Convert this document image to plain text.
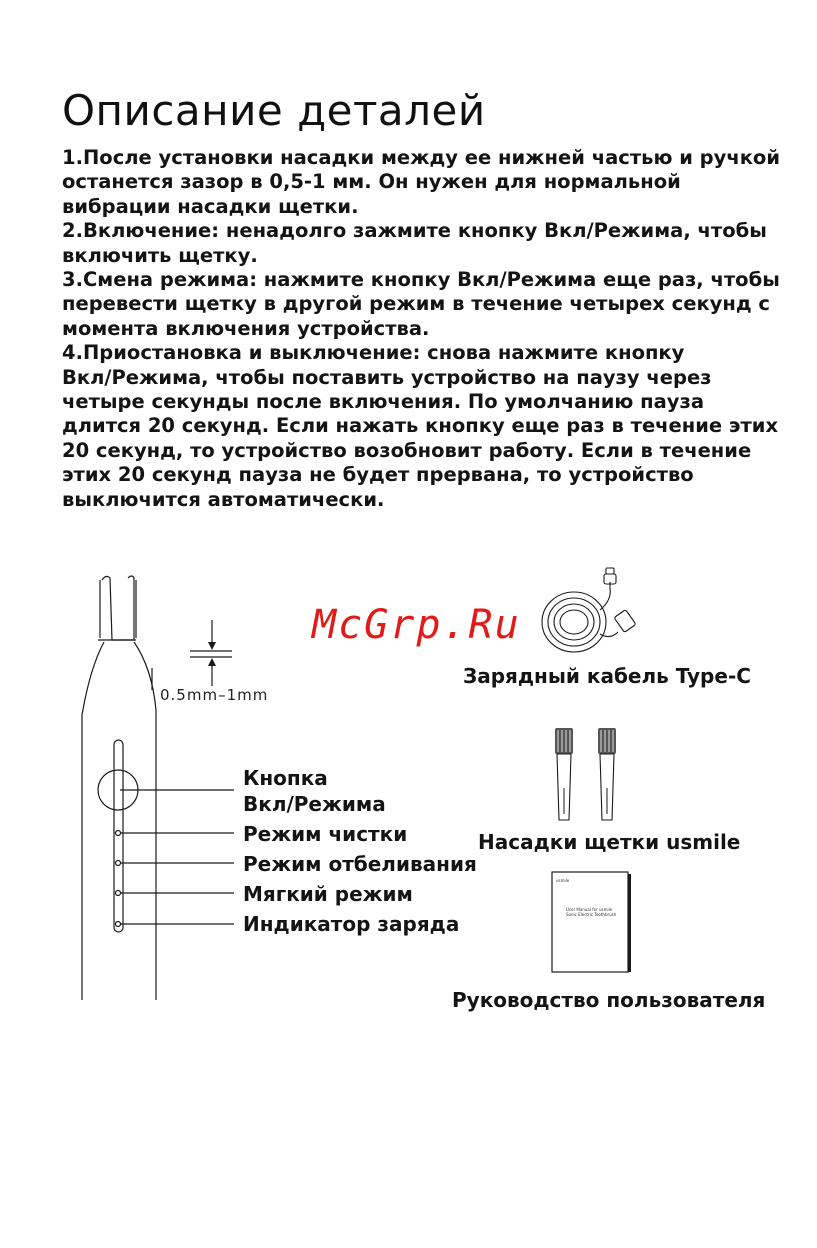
Описание деталей

1.После установки насадки между ее нижней частью и ручкой

останется зазор в 0,5-1 мм. Он нужен для нормальной

вибрации насадки щетки.

2.Включение: ненадолго зажмите кнопку Вкл/Режима, чтобы

включить щетку.

3.Смена режима: нажмите кнопку Вкл/Режима еще раз, чтобы

перевести щетку в другой режим в течение четырех секунд с

момента включения устройства.

4.Приостановка и выключение: снова нажмите кнопку

Вкл/Режима, чтобы поставить устройство на паузу через

четыре секунды после включения. По умолчанию пауза

длится 20 секунд. Если нажать кнопку еще раз в течение этих

20 секунд, то устройство возобновит работу. Если в течение

этих 20 секунд пауза не будет прервана, то устройство

выключится автоматически.

usmile
User Manual for usmile
Sonic Electric Toothbrush
McGrp.Ru
0.5mm–1mm
Кнопка
Вкл/Режима
Режим чистки
Режим отбеливания
Мягкий режим
Индикатор заряда
Зарядный кабель Type-C
Насадки щетки usmile
Руководство пользователя
